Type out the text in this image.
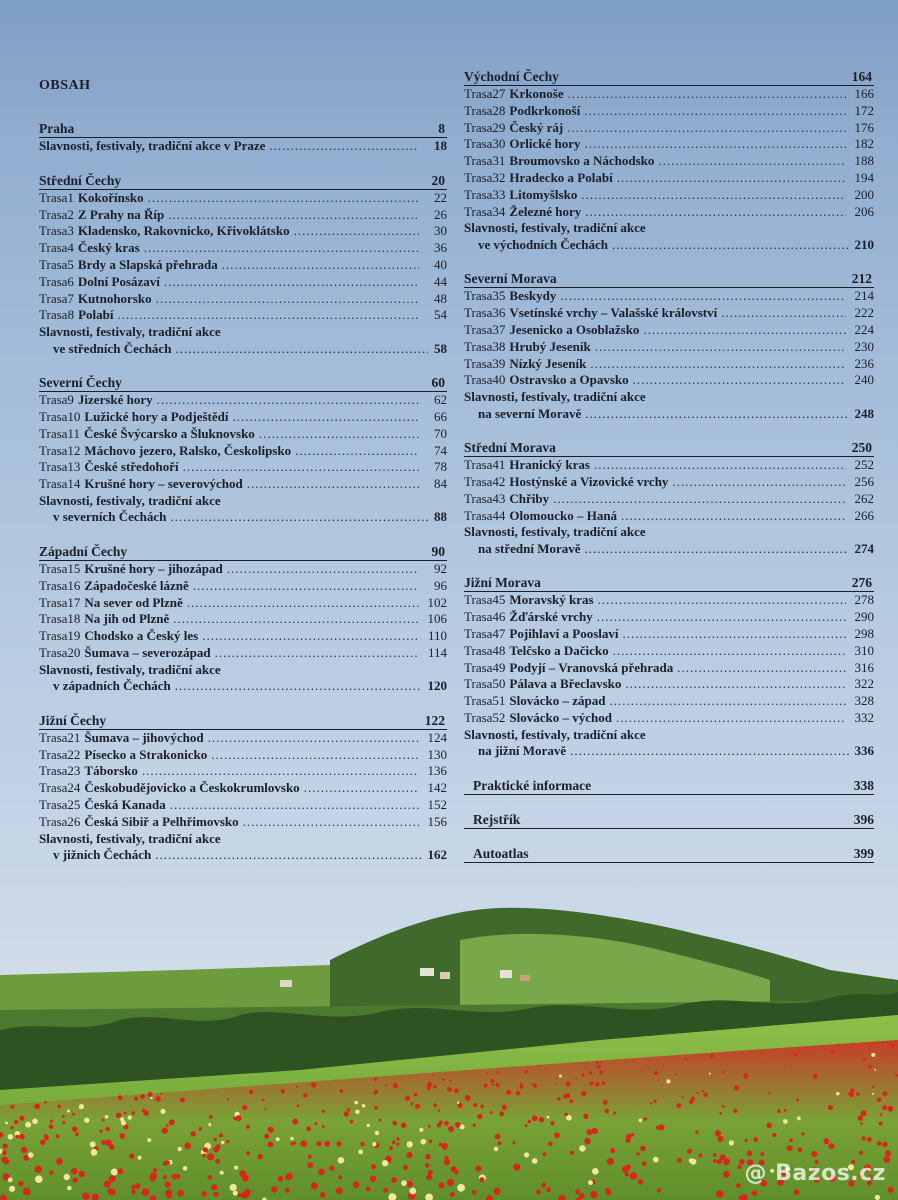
OBSAH
Praha	8
Slavnosti, festivaly, tradiční akce v Praze .....	18
Střední Čechy	20
Trasa 1 Kokořínsko .....	22
Trasa 2 Z Prahy na Říp .....	26
Trasa 3 Kladensko, Rakovnicko, Křivoklátsko .....	30
Trasa 4 Český kras .....	36
Trasa 5 Brdy a Slapská přehrada .....	40
Trasa 6 Dolní Posázaví .....	44
Trasa 7 Kutnohorsko .....	48
Trasa 8 Polabí .....	54
Slavnosti, festivaly, tradiční akce
ve středních Čechách .....	58
Severní Čechy	60
Trasa 9 Jizerské hory .....	62
Trasa 10 Lužické hory a Podještědí .....	66
Trasa 11 České Švýcarsko a Šluknovsko .....	70
Trasa 12 Máchovo jezero, Ralsko, Českolipsko .....	74
Trasa 13 České středohoří .....	78
Trasa 14 Krušné hory – severovýchod .....	84
Slavnosti, festivaly, tradiční akce
v severních Čechách .....	88
Západní Čechy	90
Trasa 15 Krušné hory – jihozápad .....	92
Trasa 16 Západočeské lázně .....	96
Trasa 17 Na sever od Plzně .....	102
Trasa 18 Na jih od Plzně .....	106
Trasa 19 Chodsko a Český les .....	110
Trasa 20 Šumava – severozápad .....	114
Slavnosti, festivaly, tradiční akce
v západních Čechách .....	120
Jižní Čechy	122
Trasa 21 Šumava – jihovýchod .....	124
Trasa 22 Písecko a Strakonicko .....	130
Trasa 23 Táborsko .....	136
Trasa 24 Českobudějovicko a Českokrumlovsko .....	142
Trasa 25 Česká Kanada .....	152
Trasa 26 Česká Sibiř a Pelhřimovsko .....	156
Slavnosti, festivaly, tradiční akce
v jižních Čechách .....	162
Východní Čechy	164
Trasa 27 Krkonoše .....	166
Trasa 28 Podkrkonoší .....	172
Trasa 29 Český ráj .....	176
Trasa 30 Orlické hory .....	182
Trasa 31 Broumovsko a Náchodsko .....	188
Trasa 32 Hradecko a Polabí .....	194
Trasa 33 Litomyšlsko .....	200
Trasa 34 Železné hory .....	206
Slavnosti, festivaly, tradiční akce
ve východních Čechách .....	210
Severní Morava	212
Trasa 35 Beskydy .....	214
Trasa 36 Vsetínské vrchy – Valašské království .....	222
Trasa 37 Jesenicko a Osoblažsko .....	224
Trasa 38 Hrubý Jeseník .....	230
Trasa 39 Nízký Jeseník .....	236
Trasa 40 Ostravsko a Opavsko .....	240
Slavnosti, festivaly, tradiční akce
na severní Moravě .....	248
Střední Morava	250
Trasa 41 Hranický kras .....	252
Trasa 42 Hostýnské a Vizovické vrchy .....	256
Trasa 43 Chřiby .....	262
Trasa 44 Olomoucko – Haná .....	266
Slavnosti, festivaly, tradiční akce
na střední Moravě .....	274
Jižní Morava	276
Trasa 45 Moravský kras .....	278
Trasa 46 Žďárské vrchy .....	290
Trasa 47 Pojihlaví a Pooslaví .....	298
Trasa 48 Telčsko a Dačicko .....	310
Trasa 49 Podyjí – Vranovská přehrada .....	316
Trasa 50 Pálava a Břeclavsko .....	322
Trasa 51 Slovácko – západ .....	328
Trasa 52 Slovácko – východ .....	332
Slavnosti, festivaly, tradiční akce
na jižní Moravě .....	336
Praktické informace	338
Rejstřík	396
Autoatlas	399
@ Bazos.cz
